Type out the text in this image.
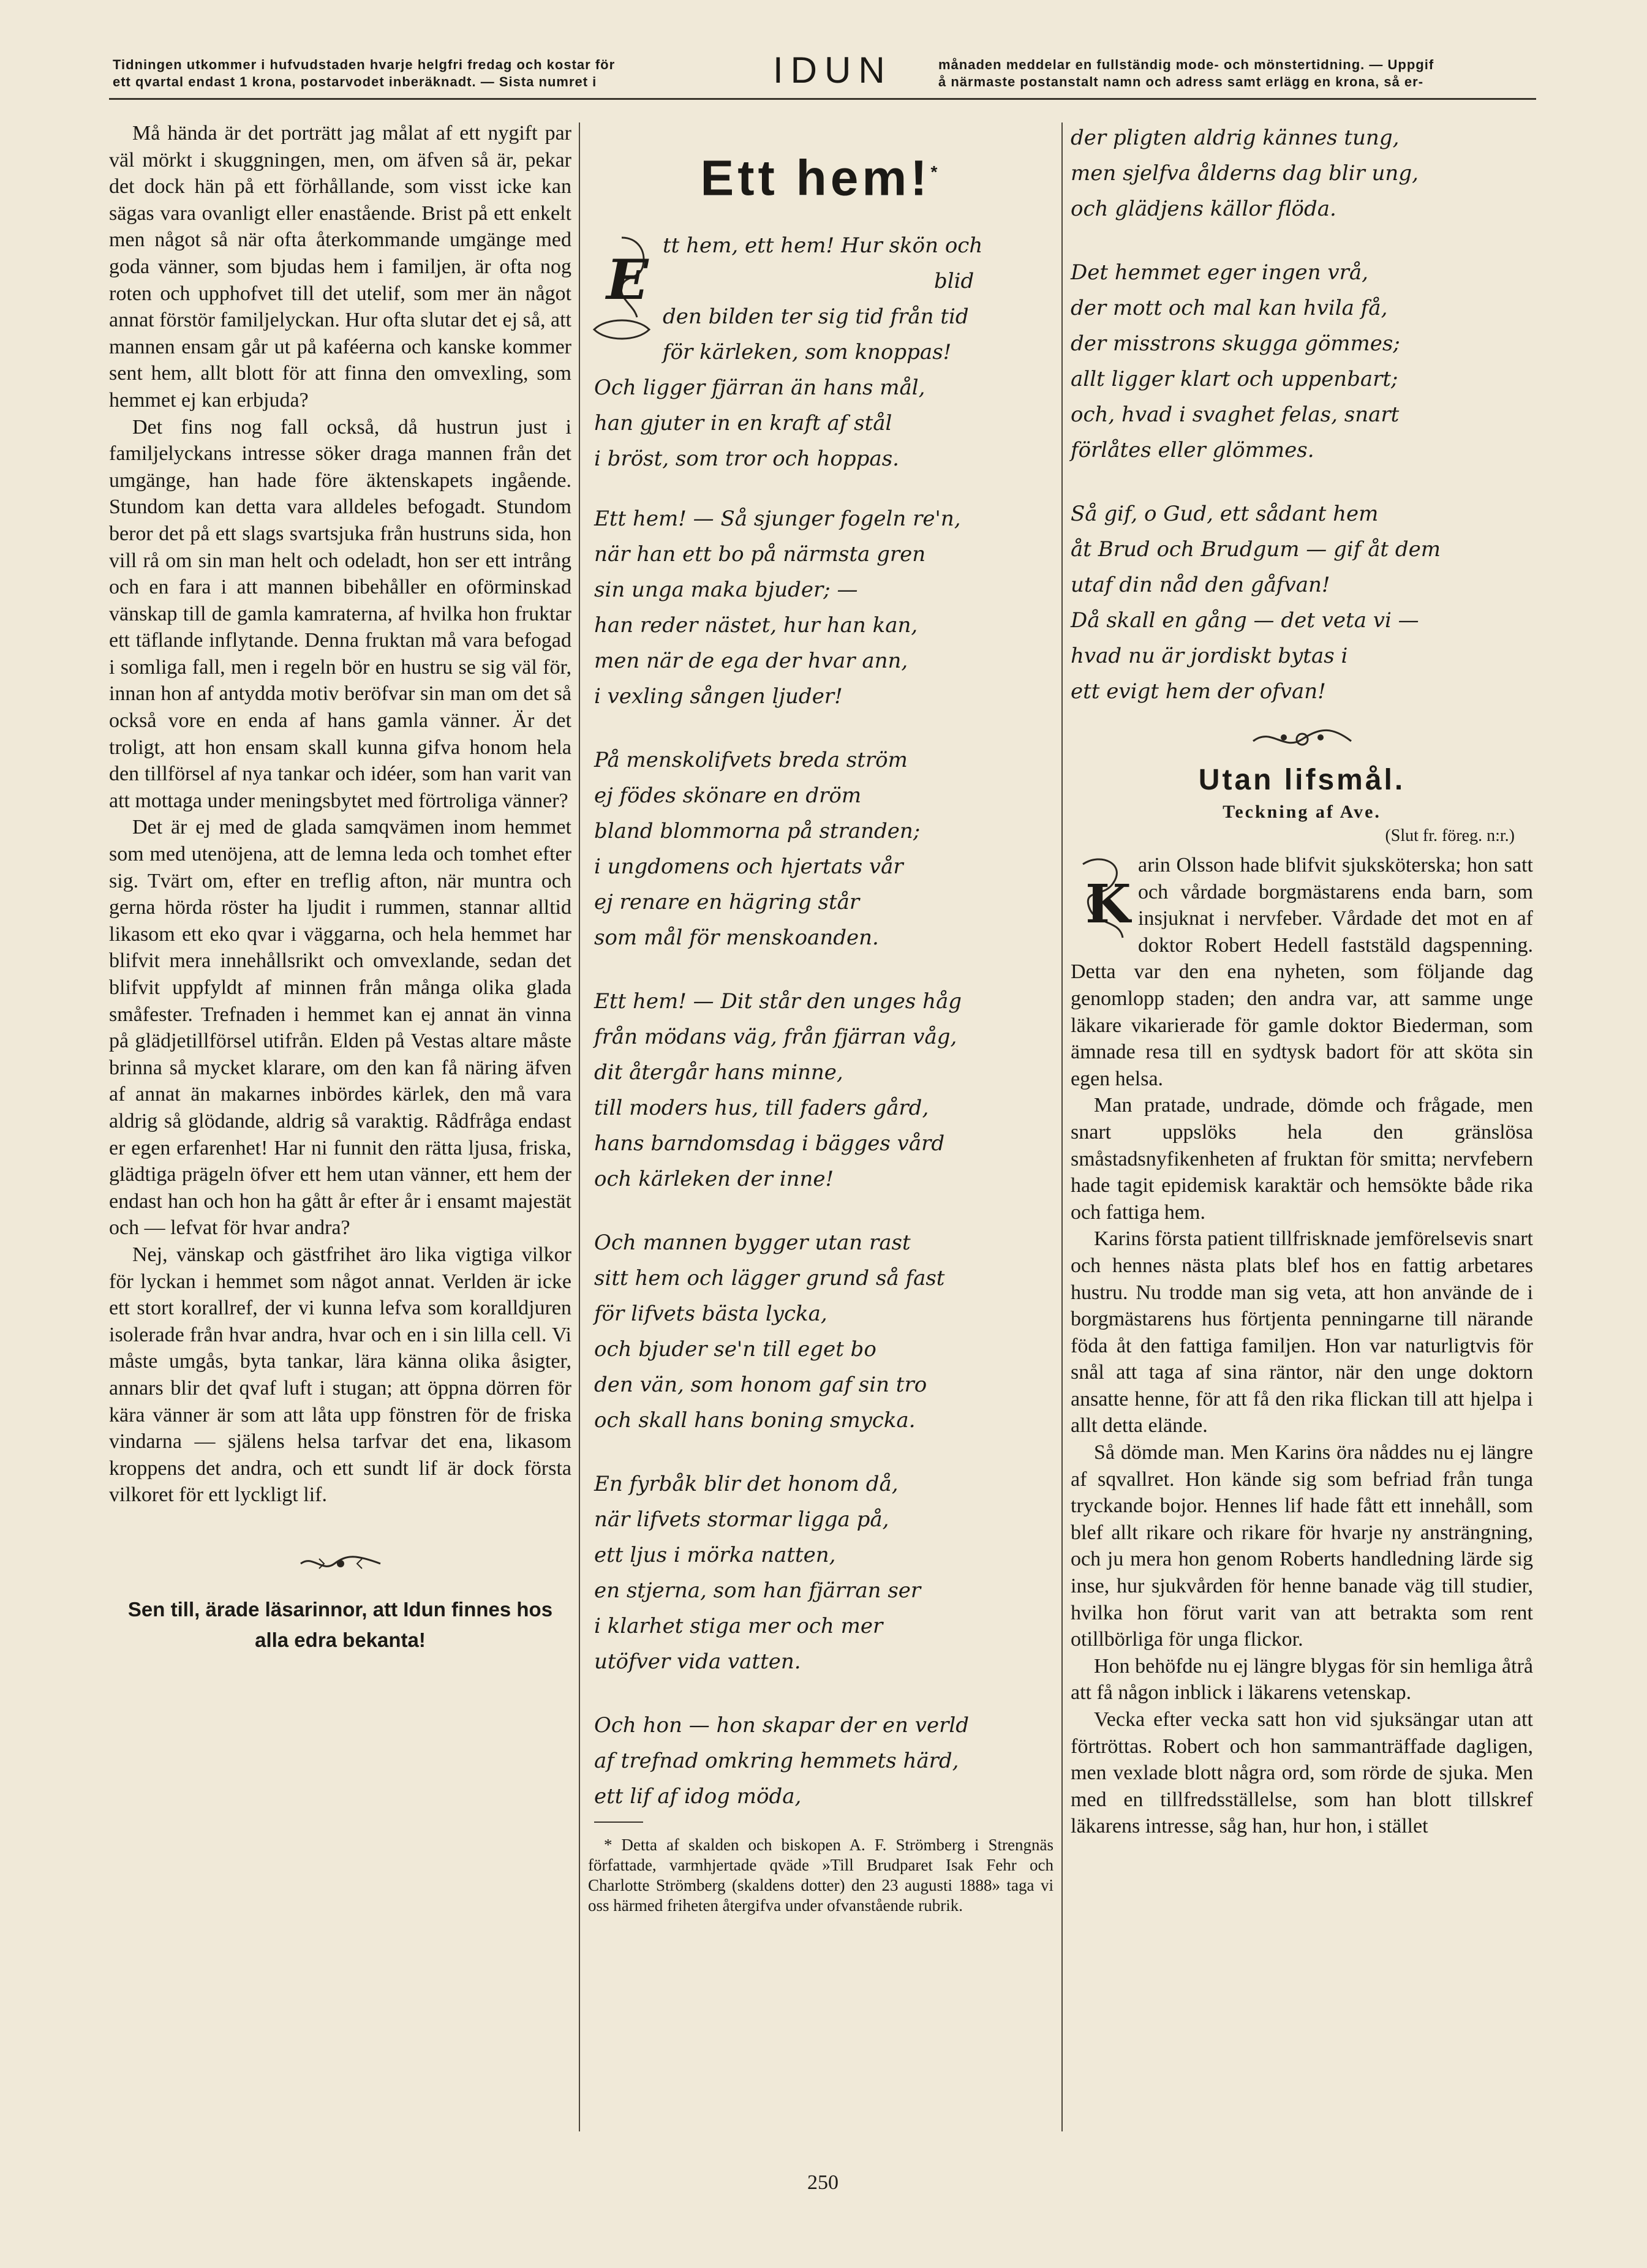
Tidningen utkommer i hufvudstaden hvarje helgfri fredag och kostar för
ett qvartal endast 1 krona, postarvodet inberäknadt. — Sista numret i	IDUN	månaden meddelar en fullständig mode- och mönstertidning. — Uppgif
å närmaste postanstalt namn och adress samt erlägg en krona, så er-

Må hända är det porträtt jag målat af ett nygift par väl mörkt i skuggningen, men, om äfven så är, pekar det dock hän på ett förhållande, som visst icke kan sägas vara ovanligt eller enastående. Brist på ett enkelt men något så när ofta återkommande umgänge med goda vänner, som bjudas hem i familjen, är ofta nog roten och upphofvet till det utelif, som mer än något annat förstör familjelyckan. Hur ofta slutar det ej så, att mannen ensam går ut på kaféerna och kanske kommer sent hem, allt blott för att finna den omvexling, som hemmet ej kan erbjuda?

Det fins nog fall också, då hustrun just i familjelyckans intresse söker draga mannen från det umgänge, han hade före äktenskapets ingående. Stundom kan detta vara alldeles befogadt. Stundom beror det på ett slags svartsjuka från hustruns sida, hon vill rå om sin man helt och odeladt, hon ser ett intrång och en fara i att mannen bibehåller en oförminskad vänskap till de gamla kamraterna, af hvilka hon fruktar ett täflande inflytande. Denna fruktan må vara befogad i somliga fall, men i regeln bör en hustru se sig väl för, innan hon af antydda motiv beröfvar sin man om det så också vore en enda af hans gamla vänner. Är det troligt, att hon ensam skall kunna gifva honom hela den tillförsel af nya tankar och idéer, som han varit van att mottaga under meningsbytet med förtroliga vänner?

Det är ej med de glada samqvämen inom hemmet som med utenöjena, att de lemna leda och tomhet efter sig. Tvärt om, efter en treflig afton, när muntra och gerna hörda röster ha ljudit i rummen, stannar alltid likasom ett eko qvar i väggarna, och hela hemmet har blifvit mera innehållsrikt och omvexlande, sedan det blifvit uppfyldt af minnen från många olika glada småfester. Trefnaden i hemmet kan ej annat än vinna på glädjetillförsel utifrån. Elden på Vestas altare måste brinna så mycket klarare, om den kan få näring äfven af annat än makarnes inbördes kärlek, den må vara aldrig så glödande, aldrig så varaktig. Rådfråga endast er egen erfarenhet! Har ni funnit den rätta ljusa, friska, glädtiga prägeln öfver ett hem utan vänner, ett hem der endast han och hon ha gått år efter år i ensamt majestät och — lefvat för hvar andra?

Nej, vänskap och gästfrihet äro lika vigtiga vilkor för lyckan i hemmet som något annat. Verlden är icke ett stort korallref, der vi kunna lefva som koralldjuren isolerade från hvar andra, hvar och en i sin lilla cell. Vi måste umgås, byta tankar, lära känna olika åsigter, annars blir det qvaf luft i stugan; att öppna dörren för kära vänner är som att låta upp fönstren för de friska vindarna — själens helsa tarfvar det ena, likasom kroppens det andra, och ett sundt lif är dock första vilkoret för ett lyckligt lif.

Sen till, ärade läsarinnor, att Idun finnes hos alla edra bekanta!
Ett hem!*
E
tt hem, ett hem! Hur skön och
blid
den bilden ter sig tid från tid
för kärleken, som knoppas!
Och ligger fjärran än hans mål,
han gjuter in en kraft af stål
i bröst, som tror och hoppas.
Ett hem! — Så sjunger fogeln re'n,
när han ett bo på närmsta gren
sin unga maka bjuder; —
han reder nästet, hur han kan,
men när de ega der hvar ann,
i vexling sången ljuder!
På menskolifvets breda ström
ej födes skönare en dröm
bland blommorna på stranden;
i ungdomens och hjertats vår
ej renare en hägring står
som mål för menskoanden.
Ett hem! — Dit står den unges håg
från mödans väg, från fjärran våg,
dit återgår hans minne,
till moders hus, till faders gård,
hans barndomsdag i bägges vård
och kärleken der inne!
Och mannen bygger utan rast
sitt hem och lägger grund så fast
för lifvets bästa lycka,
och bjuder se'n till eget bo
den vän, som honom gaf sin tro
och skall hans boning smycka.
En fyrbåk blir det honom då,
när lifvets stormar ligga på,
ett ljus i mörka natten,
en stjerna, som han fjärran ser
i klarhet stiga mer och mer
utöfver vida vatten.
Och hon — hon skapar der en verld
af trefnad omkring hemmets härd,
ett lif af idog möda,
* Detta af skalden och biskopen A. F. Strömberg i Strengnäs författade, varmhjertade qväde »Till Brudparet Isak Fehr och Charlotte Strömberg (skaldens dotter) den 23 augusti 1888» taga vi oss härmed friheten återgifva under ofvanstående rubrik.
der pligten aldrig kännes tung,
men sjelfva ålderns dag blir ung,
och glädjens källor flöda.
Det hemmet eger ingen vrå,
der mott och mal kan hvila få,
der misstrons skugga gömmes;
allt ligger klart och uppenbart;
och, hvad i svaghet felas, snart
förlåtes eller glömmes.
Så gif, o Gud, ett sådant hem
åt Brud och Brudgum — gif åt dem
utaf din nåd den gåfvan!
Då skall en gång — det veta vi —
hvad nu är jordiskt bytas i
ett evigt hem der ofvan!
Utan lifsmål.
Teckning af Ave.
(Slut fr. föreg. n:r.)
K

arin Olsson hade blifvit sjuksköterska; hon satt och vårdade borgmästarens enda barn, som insjuknat i nervfeber. Vårdade det mot en af doktor Robert Hedell faststäld dagspenning. Detta var den ena nyheten, som följande dag genomlopp staden; den andra var, att samme unge läkare vikarierade för gamle doktor Biederman, som ämnade resa till en sydtysk badort för att sköta sin egen helsa.

Man pratade, undrade, dömde och frågade, men snart uppslöks hela den gränslösa småstadsnyfikenheten af fruktan för smitta; nervfebern hade tagit epidemisk karaktär och hemsökte både rika och fattiga hem.

Karins första patient tillfrisknade jemförelsevis snart och hennes nästa plats blef hos en fattig arbetares hustru. Nu trodde man sig veta, att hon använde de i borgmästarens hus förtjenta penningarne till närande föda åt den fattiga familjen. Hon var naturligtvis för snål att taga af sina räntor, när den unge doktorn ansatte henne, för att få den rika flickan till att hjelpa i allt detta elände.

Så dömde man. Men Karins öra nåddes nu ej längre af sqvallret. Hon kände sig som befriad från tunga tryckande bojor. Hennes lif hade fått ett innehåll, som blef allt rikare och rikare för hvarje ny ansträngning, och ju mera hon genom Roberts handledning lärde sig inse, hur sjukvården för henne banade väg till studier, hvilka hon förut varit van att betrakta som rent otillbörliga för unga flickor.

Hon behöfde nu ej längre blygas för sin hemliga åtrå att få någon inblick i läkarens vetenskap.

Vecka efter vecka satt hon vid sjuksängar utan att förtröttas. Robert och hon sammanträffade dagligen, men vexlade blott några ord, som rörde de sjuka. Men med en tillfredsställelse, som han blott tillskref läkarens intresse, såg han, hur hon, i stället

250
